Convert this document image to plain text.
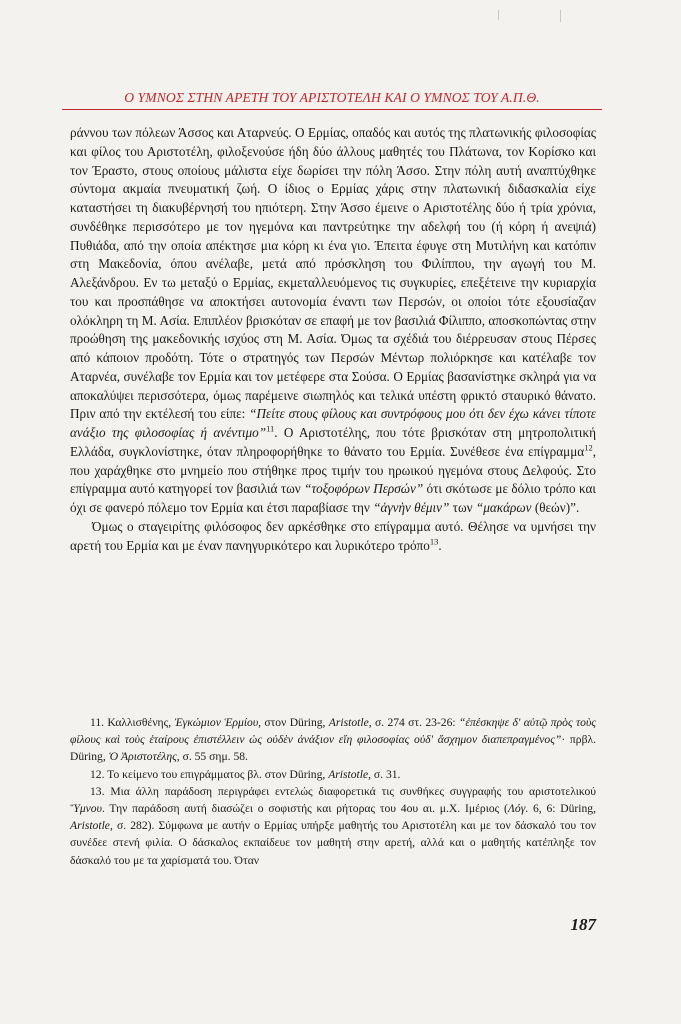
Ο ΥΜΝΟΣ ΣΤΗΝ ΑΡΕΤΗ ΤΟΥ ΑΡΙΣΤΟΤΕΛΗ ΚΑΙ Ο ΥΜΝΟΣ ΤΟΥ Α.Π.Θ.

ράννου των πόλεων Άσσος και Αταρνεύς. Ο Ερμίας, οπαδός και αυτός της πλατωνικής φιλοσοφίας και φίλος του Αριστοτέλη, φιλοξενούσε ήδη δύο άλλους μαθητές του Πλάτωνα, τον Κορίσκο και τον Έραστο, στους οποίους μάλιστα είχε δωρίσει την πόλη Άσσο. Στην πόλη αυτή αναπτύχθηκε σύντομα ακμαία πνευματική ζωή. Ο ίδιος ο Ερμίας χάρις στην πλατωνική διδασκαλία είχε καταστήσει τη διακυβέρνησή του ηπιότερη. Στην Άσσο έμεινε ο Αριστοτέλης δύο ή τρία χρόνια, συνδέθηκε περισσότερο με τον ηγεμόνα και παντρεύτηκε την αδελφή του (ή κόρη ή ανεψιά) Πυθιάδα, από την οποία απέκτησε μια κόρη κι ένα γιο. Έπειτα έφυγε στη Μυτιλήνη και κατόπιν στη Μακεδονία, όπου ανέλαβε, μετά από πρόσκληση του Φιλίππου, την αγωγή του Μ. Αλεξάνδρου. Εν τω μεταξύ ο Ερμίας, εκμεταλλευόμενος τις συγκυρίες, επεξέτεινε την κυριαρχία του και προσπάθησε να αποκτήσει αυτονομία έναντι των Περσών, οι οποίοι τότε εξουσίαζαν ολόκληρη τη Μ. Ασία. Επιπλέον βρισκόταν σε επαφή με τον βασιλιά Φίλιππο, αποσκοπώντας στην προώθηση της μακεδονικής ισχύος στη Μ. Ασία. Όμως τα σχέδιά του διέρρευσαν στους Πέρσες από κάποιον προδότη. Τότε ο στρατηγός των Περσών Μέντωρ πολιόρκησε και κατέλαβε τον Αταρνέα, συνέλαβε τον Ερμία και τον μετέφερε στα Σούσα. Ο Ερμίας βασανίστηκε σκληρά για να αποκαλύψει περισσότερα, όμως παρέμεινε σιωπηλός και τελικά υπέστη φρικτό σταυρικό θάνατο. Πριν από την εκτέλεσή του είπε: “Πείτε στους φίλους και συντρόφους μου ότι δεν έχω κάνει τίποτε ανάξιο της φιλοσοφίας ή ανέντιμο”$^{11}$. Ο Αριστοτέλης, που τότε βρισκόταν στη μητροπολιτική Ελλάδα, συγκλονίστηκε, όταν πληροφορήθηκε το θάνατο του Ερμία. Συνέθεσε ένα επίγραμμα$^{12}$, που χαράχθηκε στο μνημείο που στήθηκε προς τιμήν του ηρωικού ηγεμόνα στους Δελφούς. Στο επίγραμμα αυτό κατηγορεί τον βασιλιά των “τοξοφόρων Περσών” ότι σκότωσε με δόλιο τρόπο και όχι σε φανερό πόλεμο τον Ερμία και έτσι παραβίασε την “ἁγνὴν θέμιν” των “μακάρων (θεών)”.

Όμως ο σταγειρίτης φιλόσοφος δεν αρκέσθηκε στο επίγραμμα αυτό. Θέλησε να υμνήσει την αρετή του Ερμία και με έναν πανηγυρικότερο και λυρικότερο τρόπο$^{13}$.

11. Καλλισθένης, Ἐγκώμιον Ἑρμίου, στον Düring, Aristotle, σ. 274 στ. 23-26: “ἐπέσκηψε δ' αὐτῷ πρὸς τοὺς φίλους καὶ τοὺς ἑταίρους ἐπιστέλλειν ὡς οὐδὲν ἀνάξιον εἴη φιλοσοφίας οὐδ' ἄσχημον διαπεπραγμένος”· πρβλ. Düring, Ὁ Ἀριστοτέλης, σ. 55 σημ. 58.

12. Το κείμενο του επιγράμματος βλ. στον Düring, Aristotle, σ. 31.

13. Μια άλλη παράδοση περιγράφει εντελώς διαφορετικά τις συνθήκες συγγραφής του αριστοτελικού Ὕμνου. Την παράδοση αυτή διασώζει ο σοφιστής και ρήτορας του 4ου αι. μ.Χ. Ιμέριος (Λόγ. 6, 6: Düring, Aristotle, σ. 282). Σύμφωνα με αυτήν ο Ερμίας υπήρξε μαθητής του Αριστοτέλη και με τον δάσκαλό του τον συνέδεε στενή φιλία. Ο δάσκαλος εκπαίδευε τον μαθητή στην αρετή, αλλά και ο μαθητής κατέπληξε τον δάσκαλό του με τα χαρίσματά του. Όταν

187
